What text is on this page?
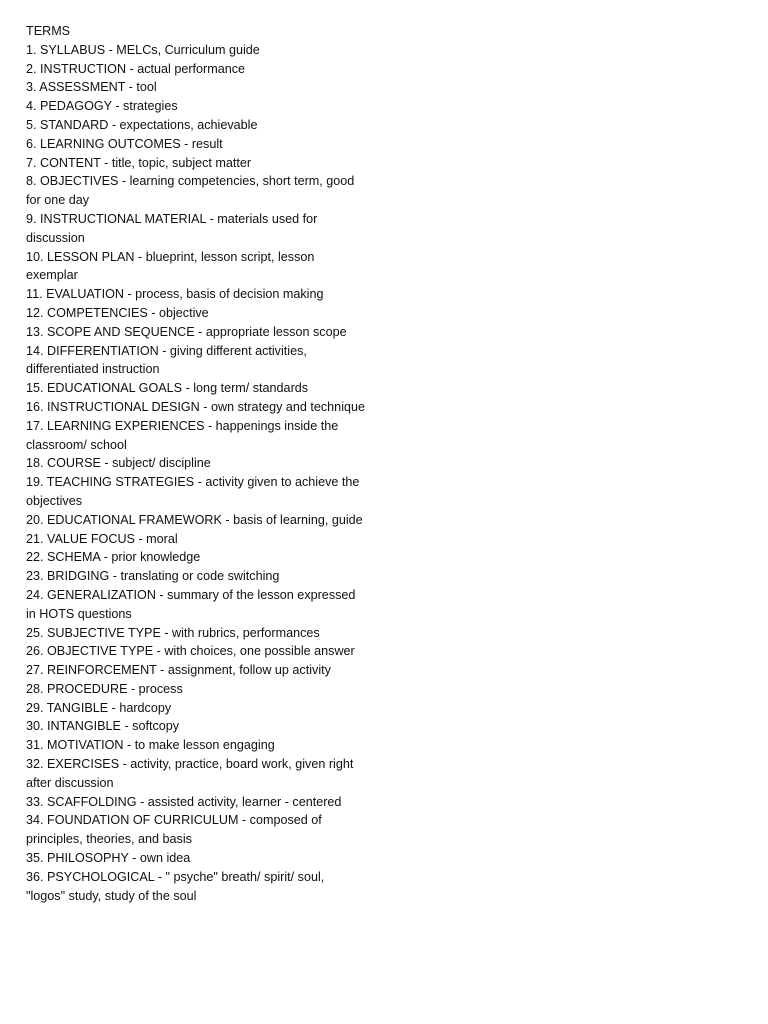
TERMS
1. SYLLABUS - MELCs, Curriculum guide
2. INSTRUCTION - actual performance
3. ASSESSMENT - tool
4. PEDAGOGY - strategies
5. STANDARD - expectations, achievable
6. LEARNING OUTCOMES - result
7. CONTENT - title, topic, subject matter
8. OBJECTIVES - learning competencies, short term, good for one day
9. INSTRUCTIONAL MATERIAL - materials used for discussion
10. LESSON PLAN - blueprint, lesson script, lesson exemplar
11. EVALUATION - process, basis of decision making
12. COMPETENCIES - objective
13. SCOPE AND SEQUENCE - appropriate lesson scope
14. DIFFERENTIATION - giving different activities, differentiated instruction
15. EDUCATIONAL GOALS - long term/ standards
16. INSTRUCTIONAL DESIGN - own strategy and technique
17. LEARNING EXPERIENCES - happenings inside the classroom/ school
18. COURSE - subject/ discipline
19. TEACHING STRATEGIES - activity given to achieve the objectives
20. EDUCATIONAL FRAMEWORK - basis of learning, guide
21. VALUE FOCUS - moral
22. SCHEMA - prior knowledge
23. BRIDGING - translating or code switching
24. GENERALIZATION - summary of the lesson expressed in HOTS questions
25. SUBJECTIVE TYPE - with rubrics, performances
26. OBJECTIVE TYPE - with choices, one possible answer
27. REINFORCEMENT - assignment, follow up activity
28. PROCEDURE - process
29. TANGIBLE - hardcopy
30. INTANGIBLE - softcopy
31. MOTIVATION - to make lesson engaging
32. EXERCISES - activity, practice, board work, given right after discussion
33. SCAFFOLDING - assisted activity, learner - centered
34. FOUNDATION OF CURRICULUM - composed of principles, theories, and basis
35. PHILOSOPHY - own idea
36. PSYCHOLOGICAL - " psyche" breath/ spirit/ soul, "logos" study, study of the soul
